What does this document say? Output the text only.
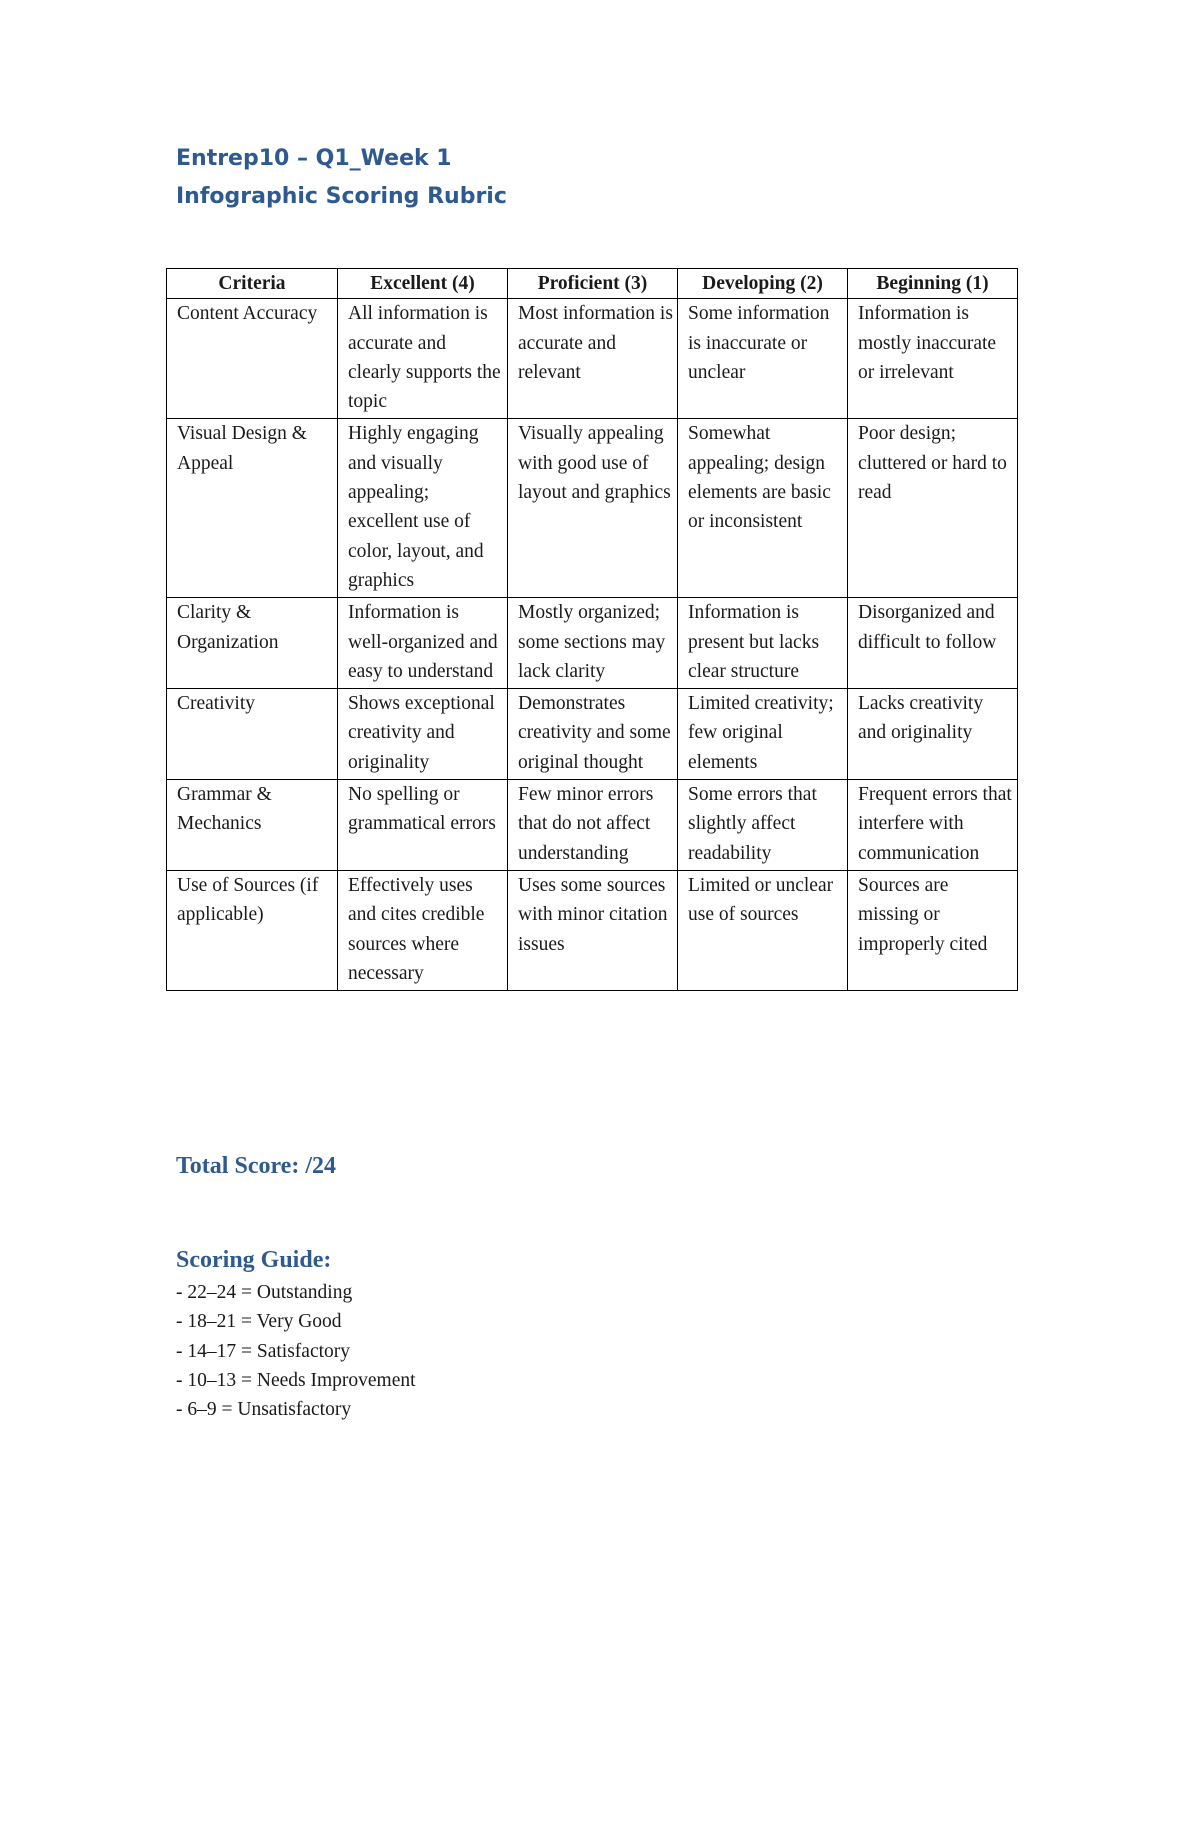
Entrep10 – Q1_Week 1
Infographic Scoring Rubric
Criteria	Excellent (4)	Proficient (3)	Developing (2)	Beginning (1)
Content Accuracy	All information is accurate and clearly supports the topic	Most information is accurate and relevant	Some information is inaccurate or unclear	Information is mostly inaccurate or irrelevant
Visual Design & Appeal	Highly engaging and visually appealing; excellent use of color, layout, and graphics	Visually appealing with good use of layout and graphics	Somewhat appealing; design elements are basic or inconsistent	Poor design; cluttered or hard to read
Clarity & Organization	Information is well-organized and easy to understand	Mostly organized; some sections may lack clarity	Information is present but lacks clear structure	Disorganized and difficult to follow
Creativity	Shows exceptional creativity and originality	Demonstrates creativity and some original thought	Limited creativity; few original elements	Lacks creativity and originality
Grammar & Mechanics	No spelling or grammatical errors	Few minor errors that do not affect understanding	Some errors that slightly affect readability	Frequent errors that interfere with communication
Use of Sources (if applicable)	Effectively uses and cites credible sources where necessary	Uses some sources with minor citation issues	Limited or unclear use of sources	Sources are missing or improperly cited
Total Score: /24
Scoring Guide:
- 22–24 = Outstanding
- 18–21 = Very Good
- 14–17 = Satisfactory
- 10–13 = Needs Improvement
- 6–9 = Unsatisfactory
